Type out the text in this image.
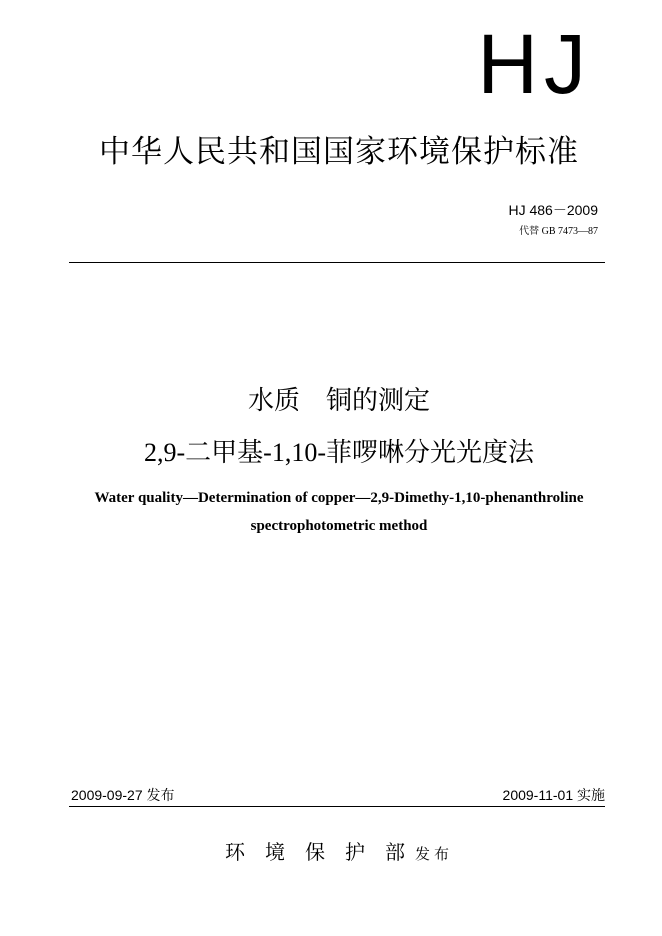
HJ
中华人民共和国国家环境保护标准
HJ 486－2009
代替 GB 7473—87
水质　铜的测定
2,9-二甲基-1,10-菲啰啉分光光度法
Water quality—Determination of copper—2,9-Dimethy-1,10-phenanthroline
spectrophotometric method
2009-09-27 发布	2009-11-01 实施
环　境　保　护　部 发布
